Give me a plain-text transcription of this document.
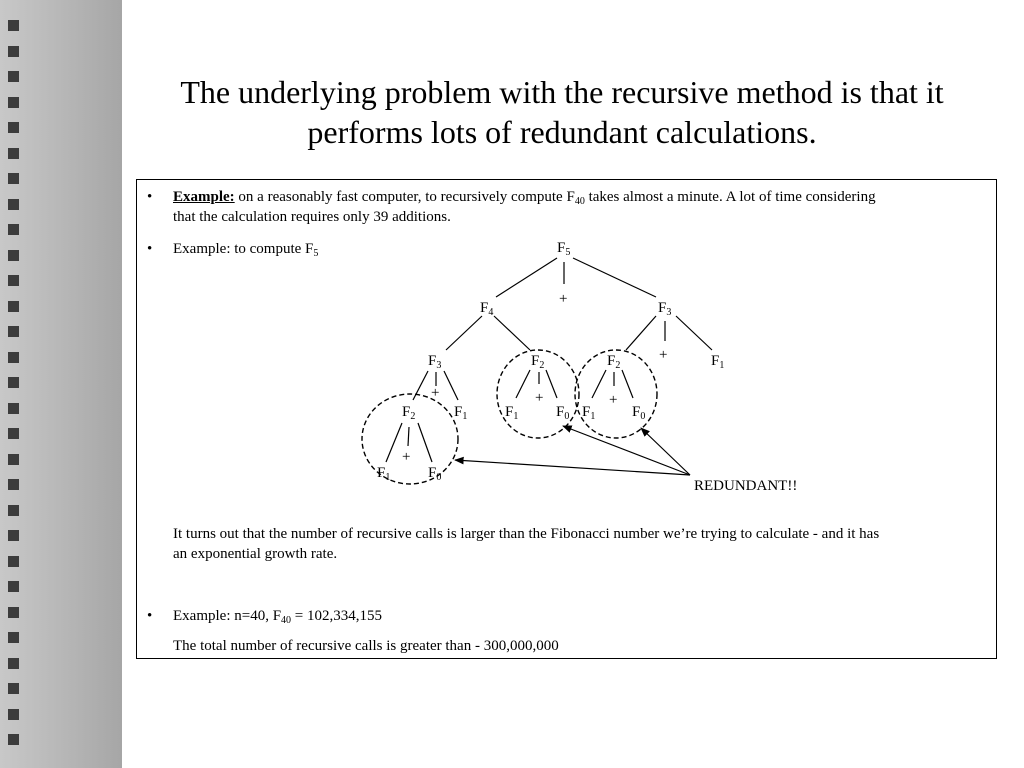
The underlying problem with the recursive method is that it
performs lots of redundant calculations.
• Example: on a reasonably fast computer, to recursively compute $F_{40}$ takes almost a minute. A lot of time considering
that the calculation requires only 39 additions.
• Example: to compute $F_5$
It turns out that the number of recursive calls is larger than the Fibonacci number we’re trying to calculate - and it has
an exponential growth rate.
• Example: n=40, $F_{40} = 102,334,155$
The total number of recursive calls is greater than - 300,000,000
$F_5$
$F_4$	$F_3$
$F_1$
$F_3$	$F_2$	$F_2$
$F_2$	$F_1$	$F_1$	$F_0$ $F_1$ $F_0$
$F_1$	$F_0$
+
+
+	+	+
+
REDUNDANT!!
